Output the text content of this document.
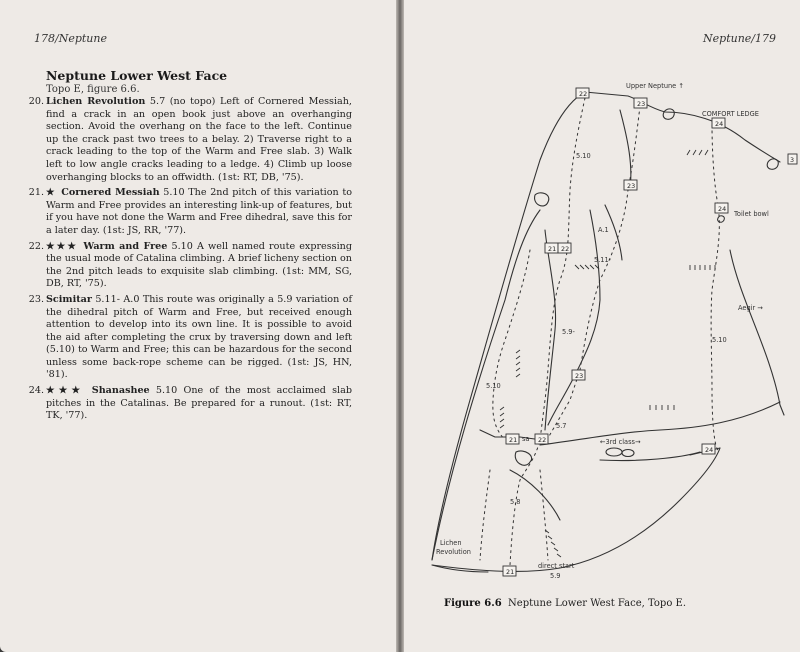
178/Neptune
Neptune Lower West Face
Topo E, figure 6.6.
20. Lichen Revolution 5.7 (no topo) Left of Cornered Messiah, find a crack in an open book just above an overhanging section. Avoid the overhang on the face to the left. Continue up the crack past two trees to a belay. 2) Traverse right to a crack leading to the top of the Warm and Free slab. 3) Walk left to low angle cracks leading to a ledge. 4) Climb up loose overhanging blocks to an offwidth. (1st: RT, DB, '75).
21. ★ Cornered Messiah 5.10 The 2nd pitch of this variation to Warm and Free provides an interesting link-up of features, but if you have not done the Warm and Free dihedral, save this for a later day. (1st: JS, RR, '77).
22. ★★★ Warm and Free 5.10 A well named route expressing the usual mode of Catalina climbing. A brief licheny section on the 2nd pitch leads to exquisite slab climbing. (1st: MM, SG, DB, RT, '75).
23. Scimitar 5.11- A.0 This route was originally a 5.9 variation of the dihedral pitch of Warm and Free, but received enough attention to develop into its own line. It is possible to avoid the aid after completing the crux by traversing down and left (5.10) to Warm and Free; this can be hazardous for the second unless some back-rope scheme can be rigged. (1st: JS, HN, '81).
24. ★★★ Shanashee 5.10 One of the most acclaimed slab pitches in the Catalinas. Be prepared for a runout. (1st: RT, TK, '77).
Neptune/179
Upper Neptune ↑
COMFORT LEDGE
Toilet bowl
Aegir →
←3rd class→
Lichen
Revolution
direct start
A.1
sa
5.10
5.11-
5.9-
5.10
5.10
5.7
5.8
5.9
22
23
24
3
23
24
21 22
23
21	22
24
21
Figure 6.6 Neptune Lower West Face, Topo E.
